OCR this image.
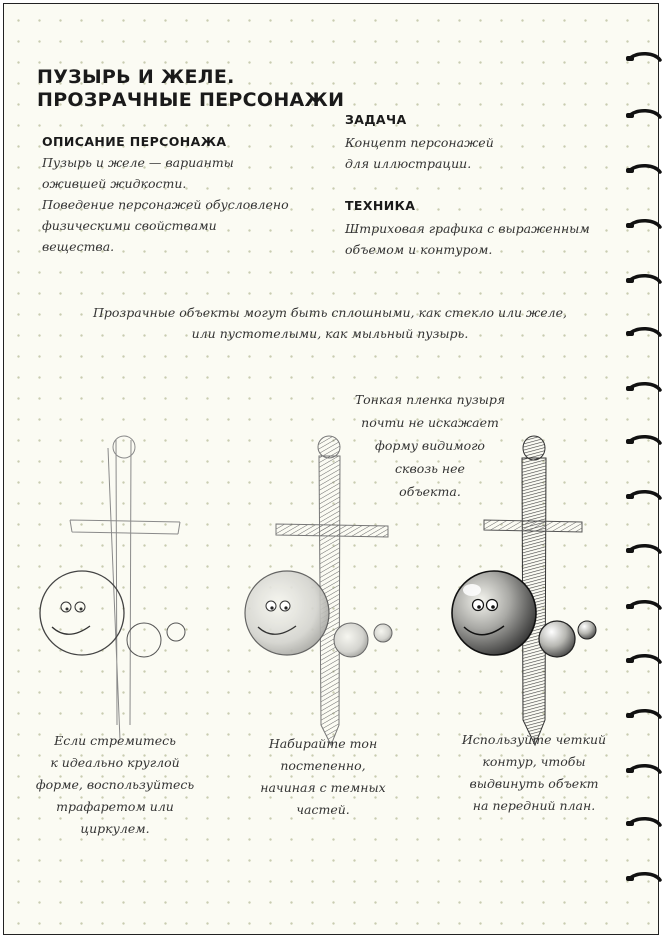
ПУЗЫРЬ И ЖЕЛЕ.
ПРОЗРАЧНЫЕ ПЕРСОНАЖИ
ОПИСАНИЕ ПЕРСОНАЖА
Пузырь и желе — варианты
ожившей жидкости.
Поведение персонажей обусловлено
физическими свойствами
вещества.
ЗАДАЧА
Концепт персонажей
для иллюстрации.
ТЕХНИКА
Штриховая графика с выраженным
объемом и контуром.
Прозрачные объекты могут быть сплошными, как стекло или желе,
или пустотелыми, как мыльный пузырь.
Тонкая пленка пузыря
почти не искажает
форму видимого
сквозь нее
объекта.
Если стремитесь
к идеально круглой
форме, воспользуйтесь
трафаретом или
циркулем.
Набирайте тон
постепенно,
начиная с темных
частей.
Используйте четкий
контур, чтобы
выдвинуть объект
на передний план.
